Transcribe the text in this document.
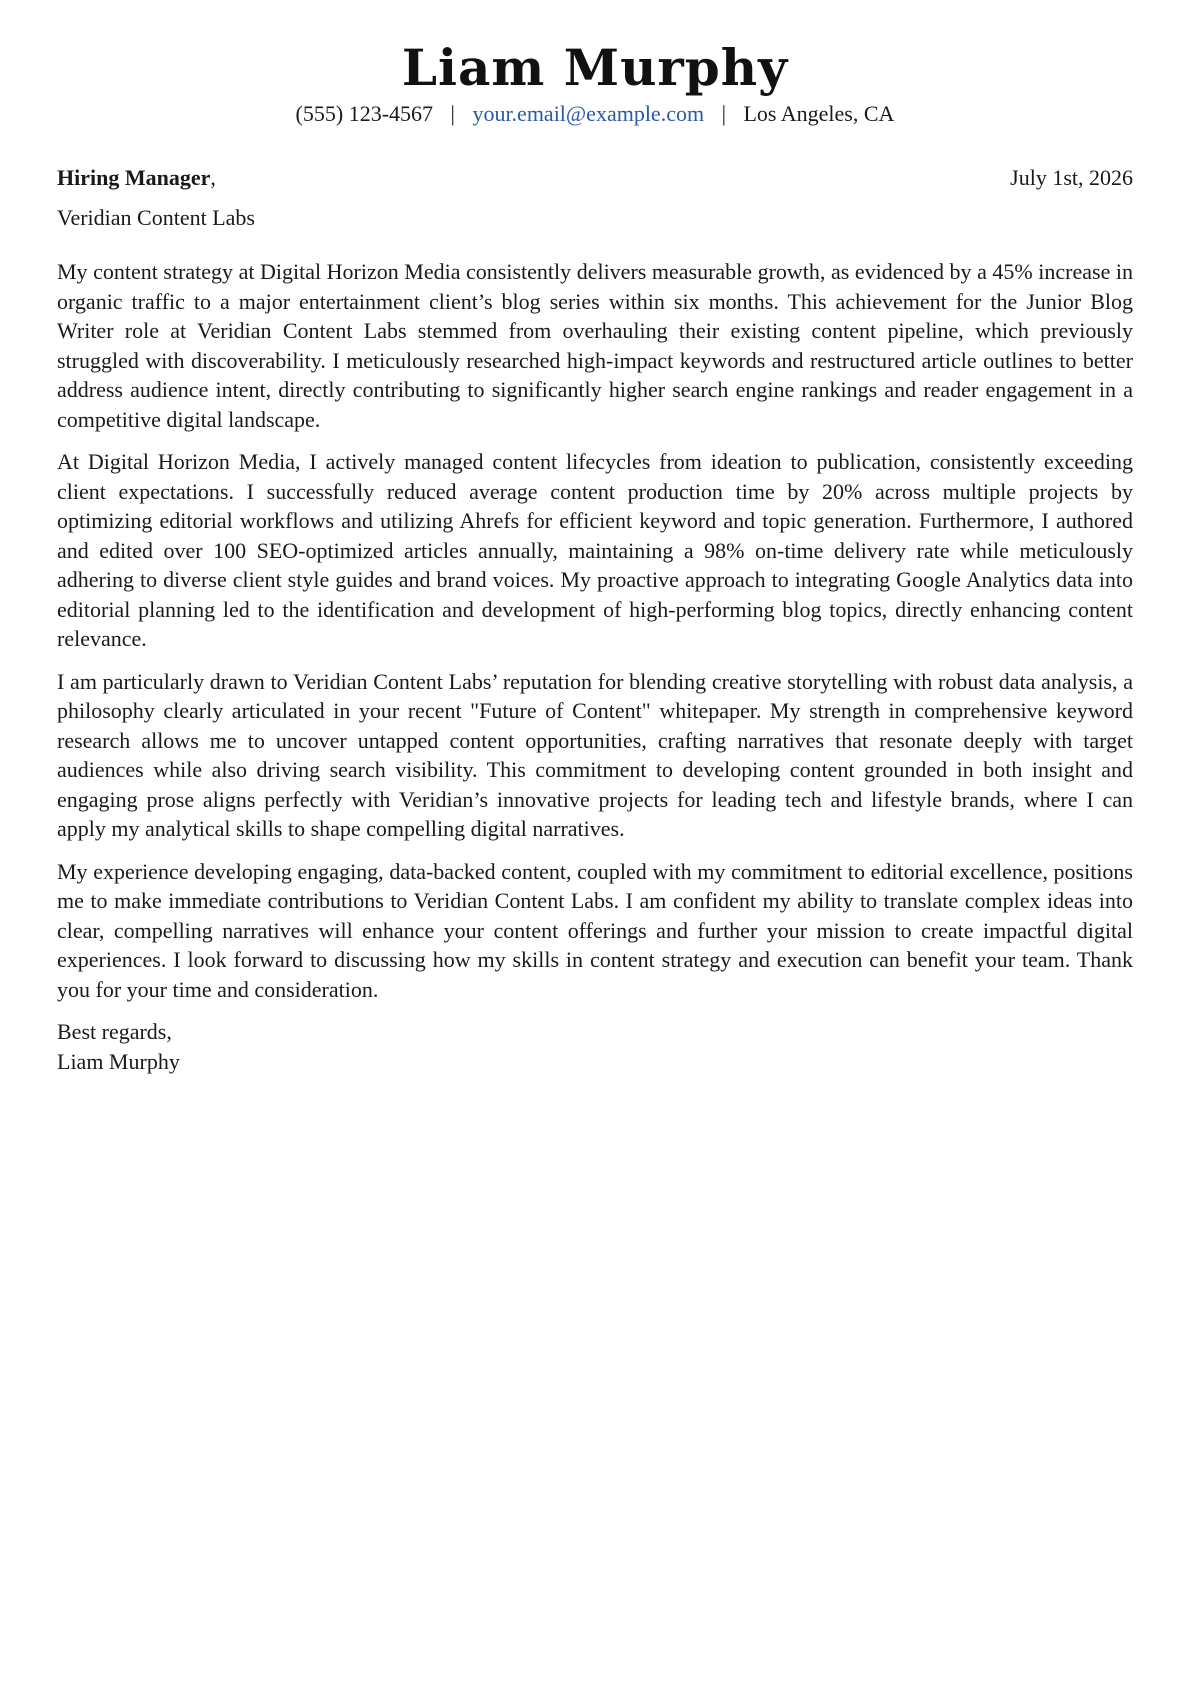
Liam Murphy
(555) 123-4567 | your.email@example.com | Los Angeles, CA
Hiring Manager,	July 1st, 2026
Veridian Content Labs

My content strategy at Digital Horizon Media consistently delivers measurable growth, as evidenced by a 45% increase in organic traffic to a major entertainment client’s blog series within six months. This achievement for the Junior Blog Writer role at Veridian Content Labs stemmed from overhauling their existing content pipeline, which previously struggled with discoverability. I meticulously researched high-impact keywords and restructured article outlines to better address audience intent, directly contributing to significantly higher search engine rankings and reader engagement in a competitive digital landscape.

At Digital Horizon Media, I actively managed content lifecycles from ideation to publication, consistently exceeding client expectations. I successfully reduced average content production time by 20% across multiple projects by optimizing editorial workflows and utilizing Ahrefs for efficient keyword and topic generation. Furthermore, I authored and edited over 100 SEO-optimized articles annually, maintaining a 98% on-time delivery rate while meticulously adhering to diverse client style guides and brand voices. My proactive approach to integrating Google Analytics data into editorial planning led to the identification and development of high-performing blog topics, directly enhancing content relevance.

I am particularly drawn to Veridian Content Labs’ reputation for blending creative storytelling with robust data analysis, a philosophy clearly articulated in your recent "Future of Content" whitepaper. My strength in comprehensive keyword research allows me to uncover untapped content opportunities, crafting narratives that resonate deeply with target audiences while also driving search visibility. This commitment to developing content grounded in both insight and engaging prose aligns perfectly with Veridian’s innovative projects for leading tech and lifestyle brands, where I can apply my analytical skills to shape compelling digital narratives.

My experience developing engaging, data-backed content, coupled with my commitment to editorial excellence, positions me to make immediate contributions to Veridian Content Labs. I am confident my ability to translate complex ideas into clear, compelling narratives will enhance your content offerings and further your mission to create impactful digital experiences. I look forward to discussing how my skills in content strategy and execution can benefit your team. Thank you for your time and consideration.

Best regards,
Liam Murphy
